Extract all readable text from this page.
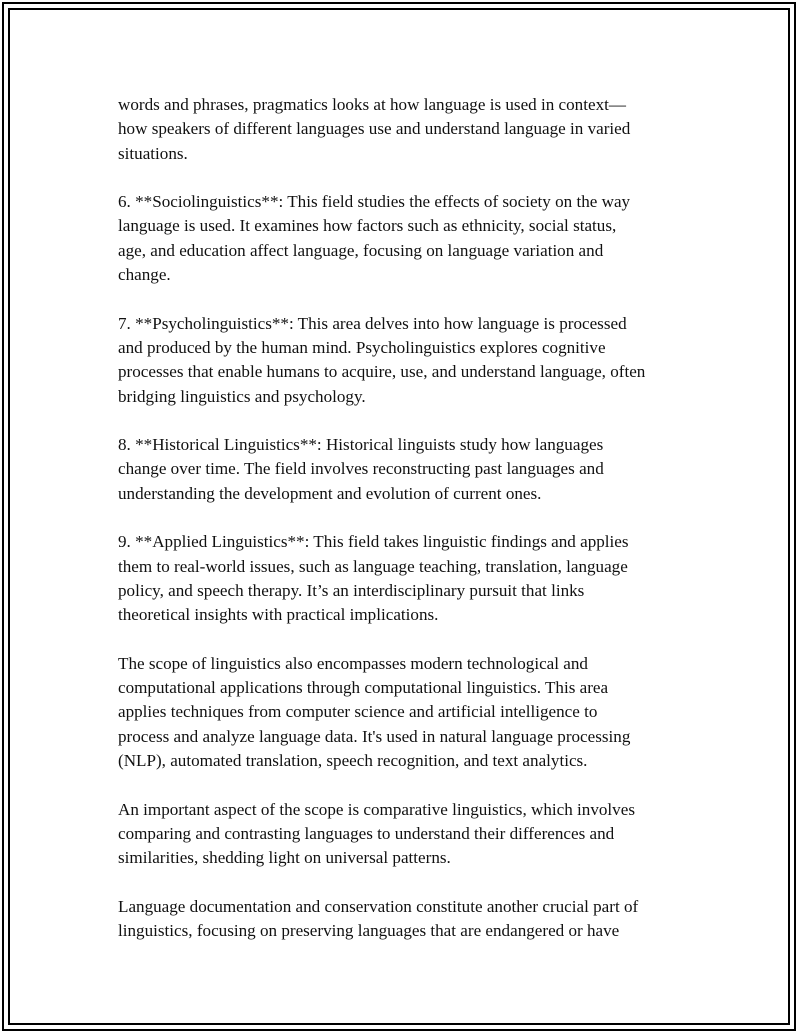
words and phrases, pragmatics looks at how language is used in context—
how speakers of different languages use and understand language in varied
situations.

6. **Sociolinguistics**: This field studies the effects of society on the way
language is used. It examines how factors such as ethnicity, social status,
age, and education affect language, focusing on language variation and
change.

7. **Psycholinguistics**: This area delves into how language is processed
and produced by the human mind. Psycholinguistics explores cognitive
processes that enable humans to acquire, use, and understand language, often
bridging linguistics and psychology.

8. **Historical Linguistics**: Historical linguists study how languages
change over time. The field involves reconstructing past languages and
understanding the development and evolution of current ones.

9. **Applied Linguistics**: This field takes linguistic findings and applies
them to real-world issues, such as language teaching, translation, language
policy, and speech therapy. It’s an interdisciplinary pursuit that links
theoretical insights with practical implications.

The scope of linguistics also encompasses modern technological and
computational applications through computational linguistics. This area
applies techniques from computer science and artificial intelligence to
process and analyze language data. It's used in natural language processing
(NLP), automated translation, speech recognition, and text analytics.

An important aspect of the scope is comparative linguistics, which involves
comparing and contrasting languages to understand their differences and
similarities, shedding light on universal patterns.

Language documentation and conservation constitute another crucial part of
linguistics, focusing on preserving languages that are endangered or have
